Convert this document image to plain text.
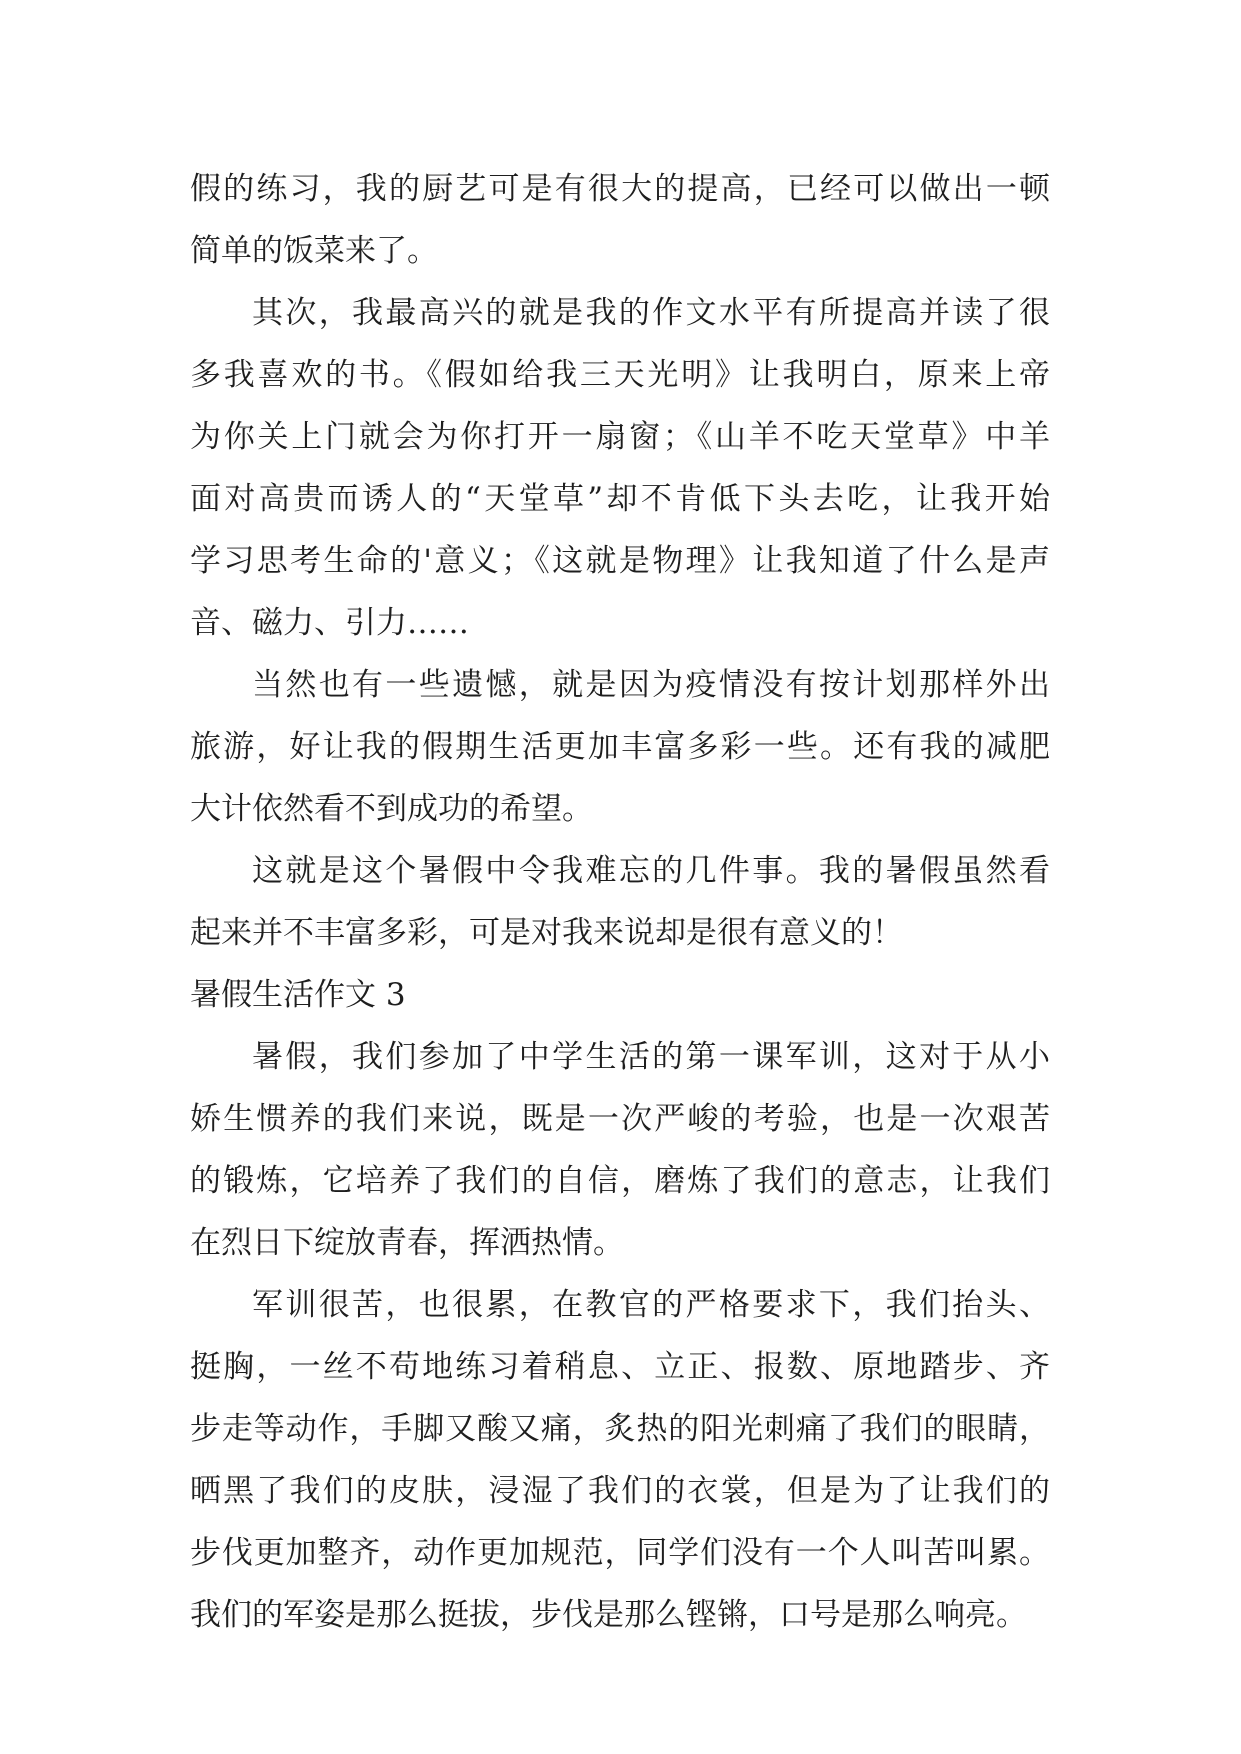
假的练习，我的厨艺可是有很大的提高，已经可以做出一顿
简单的饭菜来了。
其次，我最高兴的就是我的作文水平有所提高并读了很
多我喜欢的书。《假如给我三天光明》让我明白，原来上帝
为你关上门就会为你打开一扇窗；《山羊不吃天堂草》中羊
面对高贵而诱人的“天堂草”却不肯低下头去吃，让我开始
学习思考生命的'意义；《这就是物理》让我知道了什么是声
音、磁力、引力……
当然也有一些遗憾，就是因为疫情没有按计划那样外出
旅游，好让我的假期生活更加丰富多彩一些。还有我的减肥
大计依然看不到成功的希望。
这就是这个暑假中令我难忘的几件事。我的暑假虽然看
起来并不丰富多彩，可是对我来说却是很有意义的！
暑假生活作文 3
暑假，我们参加了中学生活的第一课军训，这对于从小
娇生惯养的我们来说，既是一次严峻的考验，也是一次艰苦
的锻炼，它培养了我们的自信，磨炼了我们的意志，让我们
在烈日下绽放青春，挥洒热情。
军训很苦，也很累，在教官的严格要求下，我们抬头、
挺胸，一丝不苟地练习着稍息、立正、报数、原地踏步、齐
步走等动作，手脚又酸又痛，炙热的阳光刺痛了我们的眼睛，
晒黑了我们的皮肤，浸湿了我们的衣裳，但是为了让我们的
步伐更加整齐，动作更加规范，同学们没有一个人叫苦叫累。
我们的军姿是那么挺拔，步伐是那么铿锵，口号是那么响亮。
